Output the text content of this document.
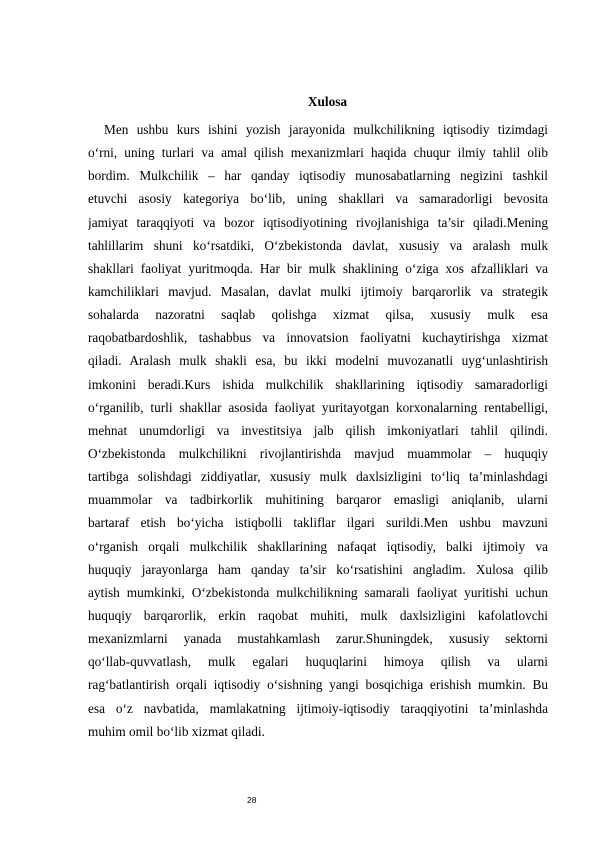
Xulosa
Men ushbu kurs ishini yozish jarayonida mulkchilikning iqtisodiy tizimdagi
o‘rni, uning turlari va amal qilish mexanizmlari haqida chuqur ilmiy tahlil olib
bordim. Mulkchilik – har qanday iqtisodiy munosabatlarning negizini tashkil
etuvchi asosiy kategoriya bo‘lib, uning shakllari va samaradorligi bevosita
jamiyat taraqqiyoti va bozor iqtisodiyotining rivojlanishiga ta’sir qiladi.Mening
tahlillarim shuni ko‘rsatdiki, O‘zbekistonda davlat, xususiy va aralash mulk
shakllari faoliyat yuritmoqda. Har bir mulk shaklining o‘ziga xos afzalliklari va
kamchiliklari mavjud. Masalan, davlat mulki ijtimoiy barqarorlik va strategik
sohalarda nazoratni saqlab qolishga xizmat qilsa, xususiy mulk esa
raqobatbardoshlik, tashabbus va innovatsion faoliyatni kuchaytirishga xizmat
qiladi. Aralash mulk shakli esa, bu ikki modelni muvozanatli uyg‘unlashtirish
imkonini beradi.Kurs ishida mulkchilik shakllarining iqtisodiy samaradorligi
o‘rganilib, turli shakllar asosida faoliyat yuritayotgan korxonalarning rentabelligi,
mehnat unumdorligi va investitsiya jalb qilish imkoniyatlari tahlil qilindi.
O‘zbekistonda mulkchilikni rivojlantirishda mavjud muammolar – huquqiy
tartibga solishdagi ziddiyatlar, xususiy mulk daxlsizligini to‘liq ta’minlashdagi
muammolar va tadbirkorlik muhitining barqaror emasligi aniqlanib, ularni
bartaraf etish bo‘yicha istiqbolli takliflar ilgari surildi.Men ushbu mavzuni
o‘rganish orqali mulkchilik shakllarining nafaqat iqtisodiy, balki ijtimoiy va
huquqiy jarayonlarga ham qanday ta’sir ko‘rsatishini angladim. Xulosa qilib
aytish mumkinki, O‘zbekistonda mulkchilikning samarali faoliyat yuritishi uchun
huquqiy barqarorlik, erkin raqobat muhiti, mulk daxlsizligini kafolatlovchi
mexanizmlarni yanada mustahkamlash zarur.Shuningdek, xususiy sektorni
qo‘llab-quvvatlash, mulk egalari huquqlarini himoya qilish va ularni
rag‘batlantirish orqali iqtisodiy o‘sishning yangi bosqichiga erishish mumkin. Bu
esa o‘z navbatida, mamlakatning ijtimoiy-iqtisodiy taraqqiyotini ta’minlashda
muhim omil bo‘lib xizmat qiladi.
28
